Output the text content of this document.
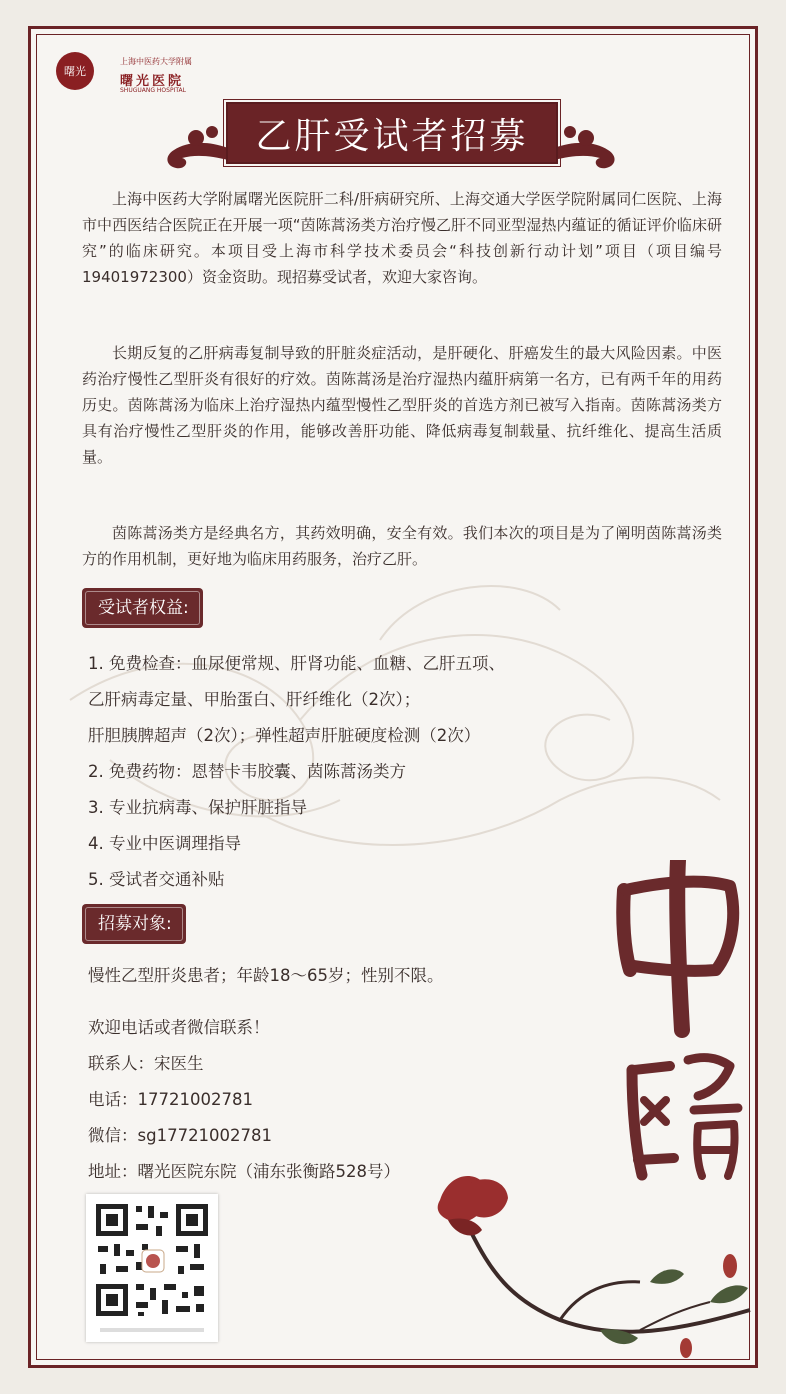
曙光
上海中医药大学附属
曙光医院
SHUGUANG HOSPITAL
乙肝受试者招募

上海中医药大学附属曙光医院肝二科/肝病研究所、上海交通大学医学院附属同仁医院、上海市中西医结合医院正在开展一项“茵陈蒿汤类方治疗慢乙肝不同亚型湿热内蕴证的循证评价临床研究”的临床研究。本项目受上海市科学技术委员会“科技创新行动计划”项目（项目编号19401972300）资金资助。现招募受试者，欢迎大家咨询。

长期反复的乙肝病毒复制导致的肝脏炎症活动，是肝硬化、肝癌发生的最大风险因素。中医药治疗慢性乙型肝炎有很好的疗效。茵陈蒿汤是治疗湿热内蕴肝病第一名方，已有两千年的用药历史。茵陈蒿汤为临床上治疗湿热内蕴型慢性乙型肝炎的首选方剂已被写入指南。茵陈蒿汤类方具有治疗慢性乙型肝炎的作用，能够改善肝功能、降低病毒复制载量、抗纤维化、提高生活质量。

茵陈蒿汤类方是经典名方，其药效明确，安全有效。我们本次的项目是为了阐明茵陈蒿汤类方的作用机制，更好地为临床用药服务，治疗乙肝。

受试者权益:

1. 免费检查：血尿便常规、肝肾功能、血糖、乙肝五项、

乙肝病毒定量、甲胎蛋白、肝纤维化（2次）；

肝胆胰脾超声（2次）；弹性超声肝脏硬度检测（2次）

2. 免费药物：恩替卡韦胶囊、茵陈蒿汤类方

3. 专业抗病毒、保护肝脏指导

4. 专业中医调理指导

5. 受试者交通补贴

招募对象:

慢性乙型肝炎患者；年龄18～65岁；性别不限。

欢迎电话或者微信联系！
联系人：宋医生
电话：17721002781
微信：sg17721002781
地址：曙光医院东院（浦东张衡路528号）
